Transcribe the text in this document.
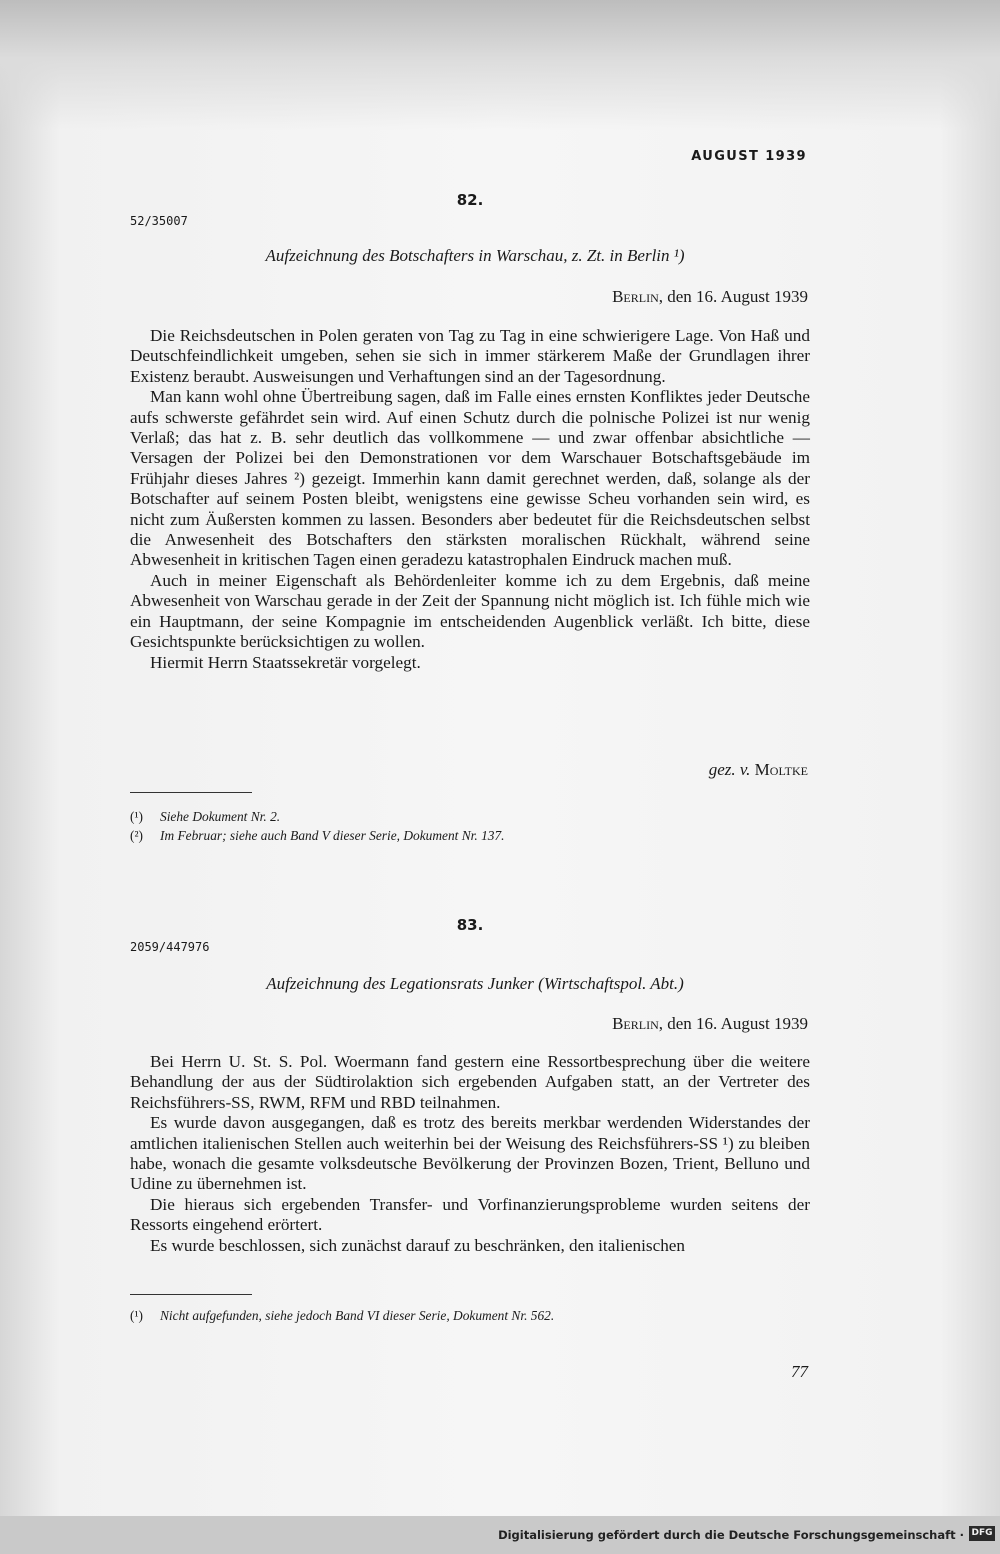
AUGUST 1939
82.
52/35007
Aufzeichnung des Botschafters in Warschau, z. Zt. in Berlin ¹)
Berlin, den 16. August 1939

Die Reichsdeutschen in Polen geraten von Tag zu Tag in eine schwierigere Lage. Von Haß und Deutschfeindlichkeit umgeben, sehen sie sich in immer stärkerem Maße der Grundlagen ihrer Existenz beraubt. Ausweisungen und Verhaftungen sind an der Tagesordnung.

Man kann wohl ohne Übertreibung sagen, daß im Falle eines ernsten Konfliktes jeder Deutsche aufs schwerste gefährdet sein wird. Auf einen Schutz durch die polnische Polizei ist nur wenig Verlaß; das hat z. B. sehr deutlich das vollkommene — und zwar offenbar absichtliche — Versagen der Polizei bei den Demonstrationen vor dem Warschauer Botschaftsgebäude im Frühjahr dieses Jahres ²) gezeigt. Immerhin kann damit gerechnet werden, daß, solange als der Botschafter auf seinem Posten bleibt, wenigstens eine gewisse Scheu vorhanden sein wird, es nicht zum Äußersten kommen zu lassen. Besonders aber bedeutet für die Reichsdeutschen selbst die Anwesenheit des Botschafters den stärksten moralischen Rückhalt, während seine Abwesenheit in kritischen Tagen einen geradezu katastrophalen Eindruck machen muß.

Auch in meiner Eigenschaft als Behördenleiter komme ich zu dem Ergebnis, daß meine Abwesenheit von Warschau gerade in der Zeit der Spannung nicht möglich ist. Ich fühle mich wie ein Hauptmann, der seine Kompagnie im entscheidenden Augenblick verläßt. Ich bitte, diese Gesichtspunkte berücksichtigen zu wollen.

Hiermit Herrn Staatssekretär vorgelegt.

gez. v. Moltke
(¹) Siehe Dokument Nr. 2.
(²) Im Februar; siehe auch Band V dieser Serie, Dokument Nr. 137.
83.
2059/447976
Aufzeichnung des Legationsrats Junker (Wirtschaftspol. Abt.)
Berlin, den 16. August 1939

Bei Herrn U. St. S. Pol. Woermann fand gestern eine Ressortbesprechung über die weitere Behandlung der aus der Südtirolaktion sich ergebenden Aufgaben statt, an der Vertreter des Reichsführers-SS, RWM, RFM und RBD teilnahmen.

Es wurde davon ausgegangen, daß es trotz des bereits merkbar werdenden Widerstandes der amtlichen italienischen Stellen auch weiterhin bei der Weisung des Reichsführers-SS ¹) zu bleiben habe, wonach die gesamte volksdeutsche Bevölkerung der Provinzen Bozen, Trient, Belluno und Udine zu übernehmen ist.

Die hieraus sich ergebenden Transfer- und Vorfinanzierungsprobleme wurden seitens der Ressorts eingehend erörtert.

Es wurde beschlossen, sich zunächst darauf zu beschränken, den italienischen

(¹) Nicht aufgefunden, siehe jedoch Band VI dieser Serie, Dokument Nr. 562.
77
Digitalisierung gefördert durch die Deutsche Forschungsgemeinschaft · DFG
